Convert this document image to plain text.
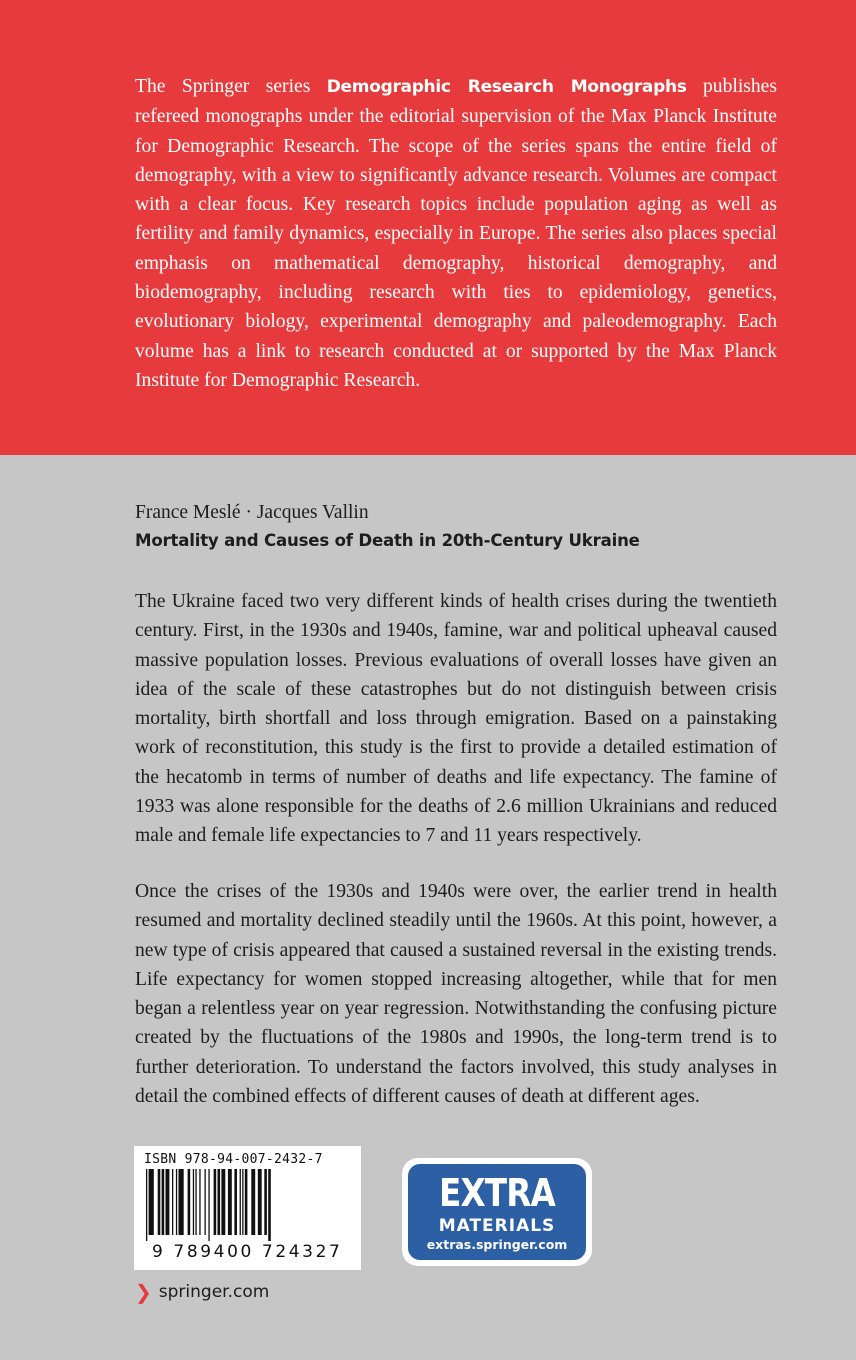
The Springer series Demographic Research Monographs publishes refereed monographs under the editorial supervision of the Max Planck Institute for Demographic Research. The scope of the series spans the entire field of demography, with a view to significantly advance research. Volumes are compact with a clear focus. Key research topics include population aging as well as fertility and family dynamics, especially in Europe. The series also places special emphasis on mathematical demography, historical demography, and biodemography, including research with ties to epidemiology, genetics, evolutionary biology, experimental demography and paleodemography. Each volume has a link to research conducted at or supported by the Max Planck Institute for Demographic Research.

France Meslé · Jacques Vallin

Mortality and Causes of Death in 20th-Century Ukraine

The Ukraine faced two very different kinds of health crises during the twentieth century. First, in the 1930s and 1940s, famine, war and political upheaval caused massive population losses. Previous evaluations of overall losses have given an idea of the scale of these catastrophes but do not distinguish between crisis mortality, birth shortfall and loss through emigration. Based on a painstaking work of reconstitution, this study is the first to provide a detailed estimation of the hecatomb in terms of number of deaths and life expectancy. The famine of 1933 was alone responsible for the deaths of 2.6 million Ukrainians and reduced male and female life expectancies to 7 and 11 years respectively.

Once the crises of the 1930s and 1940s were over, the earlier trend in health resumed and mortality declined steadily until the 1960s. At this point, however, a new type of crisis appeared that caused a sustained reversal in the existing trends. Life expectancy for women stopped increasing altogether, while that for men began a relentless year on year regression. Notwithstanding the confusing picture created by the fluctuations of the 1980s and 1990s, the long-term trend is to further deterioration. To understand the factors involved, this study analyses in detail the combined effects of different causes of death at different ages.

ISBN 978-94-007-2432-7
9 789400 724327
EXTRA
MATERIALS
extras.springer.com
❯ springer.com
